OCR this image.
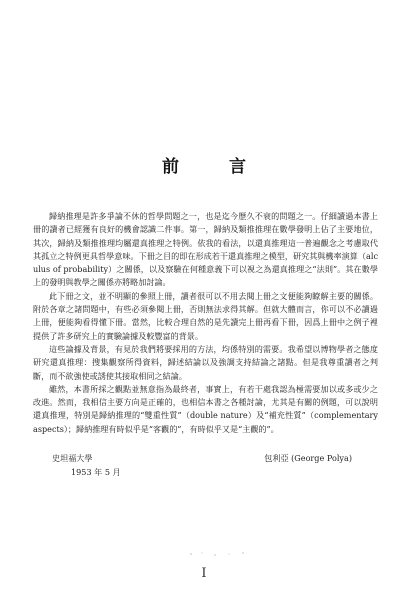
前 言

歸納推理是許多爭論不休的哲學問題之一，也是迄今歷久不衰的問題之一。仔細讀過本書上冊的讀者已經獲有良好的機會認識二件事。第一，歸納及類推推理在數學發明上佔了主要地位，其次，歸納及類推推理均屬還真推理之特例。依我的看法，以還真推理這一普遍觀念之考慮取代其孤立之特例更具哲學意味。下冊之目的即在形成若干還真推理之模型，研究其與機率演算（alculus of probability）之關係，以及察驗在何種意義下可以視之為還真推理之“法則”。其在數學上的發明與教學之關係亦將略加討論。

此下冊之文，並不明顯的參照上冊，讀者很可以不用去閱上冊之文便能夠瞭解主要的關係。附於各章之諸問題中，有些必須參閱上冊，否則無法求得其解。但就大體而言，你可以不必讀過上冊，便能夠看得懂下冊。當然，比較合理自然的是先讀完上冊再看下冊，因爲上冊中之例子裡提供了許多研究上的實驗論據及較豐富的背景。

這些論據及背景，有見於我們將要採用的方法，均係特別的需要。我希望以博物學者之態度研究還真推理：搜集觀察所得資料，歸述結論以及強調支持結論之諸點。但是我尊重讀者之判斷，而不欲強使或誘使其接取相同之結論。

雖然，本書所採之觀點並無意指為最終者，事實上，有若干處我認為極需要加以或多或少之改進。然而，我相信主要方向是正確的，也相信本書之各種討論，尤其是有關的例題，可以說明還真推理，特別是歸納推理的“雙重性質”（double nature）及“補充性質”（complementary aspects）；歸納推理有時似乎是“客觀的”，有時似乎又是“主觀的”。

史坦福大學	包利亞 (George Polya)
1953 年 5 月
I
